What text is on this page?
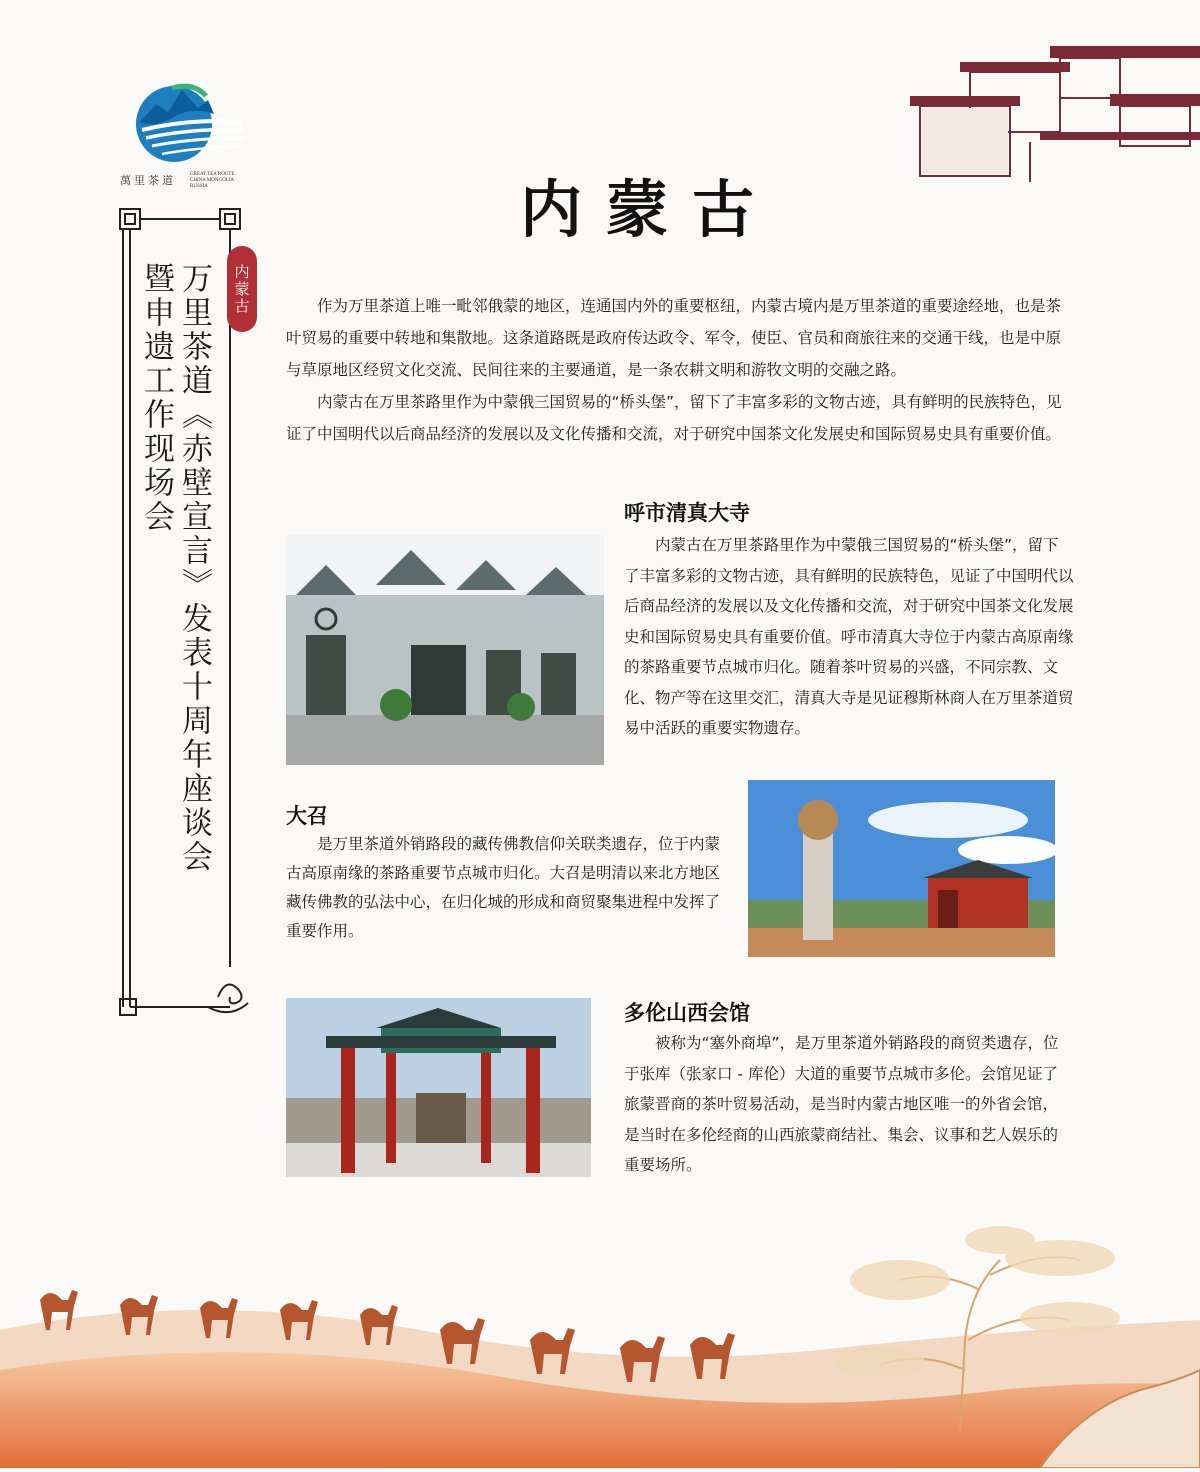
萬里茶道	GREAT TEA ROUTE CHINA MONGOLIA RUSSIA
内蒙古
万里茶道《赤壁宣言》发表十周年座谈会
暨申遗工作现场会
内蒙古

作为万里茶道上唯一毗邻俄蒙的地区，连通国内外的重要枢纽，内蒙古境内是万里茶道的重要途经地，也是茶叶贸易的重要中转地和集散地。这条道路既是政府传达政令、军令，使臣、官员和商旅往来的交通干线，也是中原与草原地区经贸文化交流、民间往来的主要通道，是一条农耕文明和游牧文明的交融之路。

内蒙古在万里茶路里作为中蒙俄三国贸易的“桥头堡”，留下了丰富多彩的文物古迹，具有鲜明的民族特色，见证了中国明代以后商品经济的发展以及文化传播和交流，对于研究中国茶文化发展史和国际贸易史具有重要价值。

呼市清真大寺

内蒙古在万里茶路里作为中蒙俄三国贸易的“桥头堡”，留下了丰富多彩的文物古迹，具有鲜明的民族特色，见证了中国明代以后商品经济的发展以及文化传播和交流，对于研究中国茶文化发展史和国际贸易史具有重要价值。呼市清真大寺位于内蒙古高原南缘的茶路重要节点城市归化。随着茶叶贸易的兴盛，不同宗教、文化、物产等在这里交汇，清真大寺是见证穆斯林商人在万里茶道贸易中活跃的重要实物遗存。

大召

是万里茶道外销路段的藏传佛教信仰关联类遗存，位于内蒙古高原南缘的茶路重要节点城市归化。大召是明清以来北方地区藏传佛教的弘法中心，在归化城的形成和商贸聚集进程中发挥了重要作用。

多伦山西会馆

被称为“塞外商埠”，是万里茶道外销路段的商贸类遗存，位于张库（张家口 - 库伦）大道的重要节点城市多伦。会馆见证了旅蒙晋商的茶叶贸易活动，是当时内蒙古地区唯一的外省会馆，是当时在多伦经商的山西旅蒙商结社、集会、议事和艺人娱乐的重要场所。
